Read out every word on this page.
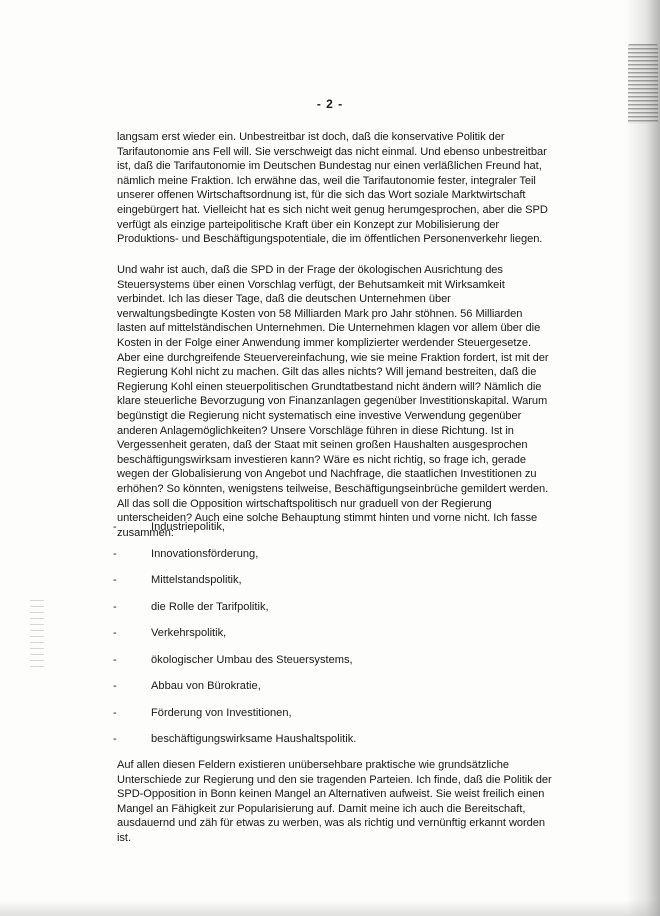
- 2 -

langsam erst wieder ein. Unbestreitbar ist doch, daß die konservative Politik der Tarifautonomie ans Fell will. Sie verschweigt das nicht einmal. Und ebenso unbestreitbar ist, daß die Tarifautonomie im Deutschen Bundestag nur einen verläßlichen Freund hat, nämlich meine Fraktion. Ich erwähne das, weil die Tarifautonomie fester, integraler Teil unserer offenen Wirtschaftsordnung ist, für die sich das Wort soziale Marktwirtschaft eingebürgert hat. Vielleicht hat es sich nicht weit genug herumgesprochen, aber die SPD verfügt als einzige parteipolitische Kraft über ein Konzept zur Mobilisierung der Produktions- und Beschäftigungspotentiale, die im öffentlichen Personenverkehr liegen.

Und wahr ist auch, daß die SPD in der Frage der ökologischen Ausrichtung des Steuersystems über einen Vorschlag verfügt, der Behutsamkeit mit Wirksamkeit verbindet. Ich las dieser Tage, daß die deutschen Unternehmen über verwaltungsbedingte Kosten von 58 Milliarden Mark pro Jahr stöhnen. 56 Milliarden lasten auf mittelständischen Unternehmen. Die Unternehmen klagen vor allem über die Kosten in der Folge einer Anwendung immer komplizierter werdender Steuergesetze. Aber eine durchgreifende Steuervereinfachung, wie sie meine Fraktion fordert, ist mit der Regierung Kohl nicht zu machen. Gilt das alles nichts? Will jemand bestreiten, daß die Regierung Kohl einen steuerpolitischen Grundtatbestand nicht ändern will? Nämlich die klare steuerliche Bevorzugung von Finanzanlagen gegenüber Investitionskapital. Warum begünstigt die Regierung nicht systematisch eine investive Verwendung gegenüber anderen Anlagemöglichkeiten? Unsere Vorschläge führen in diese Richtung. Ist in Vergessenheit geraten, daß der Staat mit seinen großen Haushalten ausgesprochen beschäftigungswirksam investieren kann? Wäre es nicht richtig, so frage ich, gerade wegen der Globalisierung von Angebot und Nachfrage, die staatlichen Investitionen zu erhöhen? So könnten, wenigstens teilweise, Beschäftigungseinbrüche gemildert werden. All das soll die Opposition wirtschaftspolitisch nur graduell von der Regierung unterscheiden? Auch eine solche Behauptung stimmt hinten und vorne nicht. Ich fasse zusammen:

-	Industriepolitik,
-	Innovationsförderung,
-	Mittelstandspolitik,
-	die Rolle der Tarifpolitik,
-	Verkehrspolitik,
-	ökologischer Umbau des Steuersystems,
-	Abbau von Bürokratie,
-	Förderung von Investitionen,
-	beschäftigungswirksame Haushaltspolitik.

Auf allen diesen Feldern existieren unübersehbare praktische wie grundsätzliche Unterschiede zur Regierung und den sie tragenden Parteien. Ich finde, daß die Politik der SPD-Opposition in Bonn keinen Mangel an Alternativen aufweist. Sie weist freilich einen Mangel an Fähigkeit zur Popularisierung auf. Damit meine ich auch die Bereitschaft, ausdauernd und zäh für etwas zu werben, was als richtig und vernünftig erkannt worden ist.
